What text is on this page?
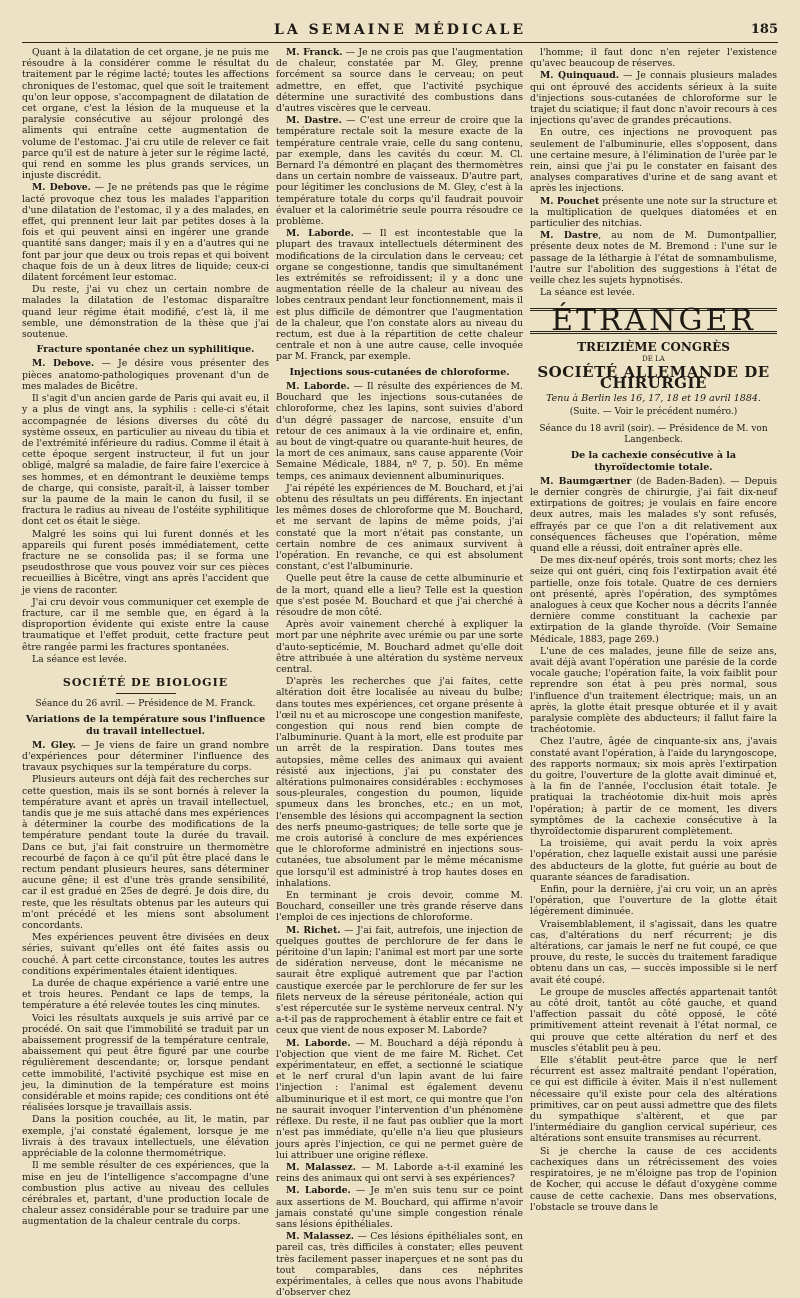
LA SEMAINE MÉDICALE	185

Quant à la dilatation de cet organe, je ne puis me résoudre à la considérer comme le résultat du traitement par le régime lacté; toutes les affections chroniques de l'estomac, quel que soit le traitement qu'on leur oppose, s'accompagnent de dilatation de cet organe, c'est la lésion de la muqueuse et la paralysie consécutive au séjour prolongé des aliments qui entraîne cette augmentation de volume de l'estomac. J'ai cru utile de relever ce fait parce qu'il est de nature à jeter sur le régime lacté, qui rend en somme les plus grands services, un injuste discrédit.

M. Debove. — Je ne prétends pas que le régime lacté provoque chez tous les malades l'apparition d'une dilatation de l'estomac, il y a des malades, en effet, qui prennent leur lait par petites doses à la fois et qui peuvent ainsi en ingérer une grande quantité sans danger; mais il y en a d'autres qui ne font par jour que deux ou trois repas et qui boivent chaque fois de un à deux litres de liquide; ceux-ci dilatent forcément leur estomac.

Du reste, j'ai vu chez un certain nombre de malades la dilatation de l'estomac disparaître quand leur régime était modifié, c'est là, il me semble, une démonstration de la thèse que j'ai soutenue.

Fracture spontanée chez un syphilitique.

M. Debove. — Je désire vous présenter des pièces anatomo-pathologiques provenant d'un de mes malades de Bicêtre.

Il s'agit d'un ancien garde de Paris qui avait eu, il y a plus de vingt ans, la syphilis : celle-ci s'était accompagnée de lésions diverses du côté du système osseux, en particulier au niveau du tibia et de l'extrémité inférieure du radius. Comme il était à cette époque sergent instructeur, il fut un jour obligé, malgré sa maladie, de faire faire l'exercice à ses hommes, et en démontrant le deuxième temps de charge, qui consiste, paraît-il, à laisser tomber sur la paume de la main le canon du fusil, il se fractura le radius au niveau de l'ostéite syphilitique dont cet os était le siège.

Malgré les soins qui lui furent donnés et les appareils qui furent posés immédiatement, cette fracture ne se consolida pas; il se forma une pseudosthrose que vous pouvez voir sur ces pièces recueillies à Bicêtre, vingt ans après l'accident que je viens de raconter.

J'ai cru devoir vous communiquer cet exemple de fracture, car il me semble que, en égard à la disproportion évidente qui existe entre la cause traumatique et l'effet produit, cette fracture peut être rangée parmi les fractures spontanées.

La séance est levée.

SOCIÉTÉ DE BIOLOGIE
Séance du 26 avril. — Présidence de M. Franck.
Variations de la température sous l'influence du travail intellectuel.

M. Gley. — Je viens de faire un grand nombre d'expériences pour déterminer l'influence des travaux psychiques sur la température du corps.

Plusieurs auteurs ont déjà fait des recherches sur cette question, mais ils se sont bornés à relever la température avant et après un travail intellectuel, tandis que je me suis attaché dans mes expériences à déterminer la courbe des modifications de la température pendant toute la durée du travail. Dans ce but, j'ai fait construire un thermomètre recourbé de façon à ce qu'il pût être placé dans le rectum pendant plusieurs heures, sans déterminer aucune gêne; il est d'une très grande sensibilité, car il est gradué en 25es de degré. Je dois dire, du reste, que les résultats obtenus par les auteurs qui m'ont précédé et les miens sont absolument concordants.

Mes expériences peuvent être divisées en deux séries, suivant qu'elles ont été faites assis ou couché. À part cette circonstance, toutes les autres conditions expérimentales étaient identiques.

La durée de chaque expérience a varié entre une et trois heures. Pendant ce laps de temps, la température a été relevée toutes les cinq minutes.

Voici les résultats auxquels je suis arrivé par ce procédé. On sait que l'immobilité se traduit par un abaissement progressif de la température centrale, abaissement qui peut être figuré par une courbe régulièrement descendante; or, lorsque pendant cette immobilité, l'activité psychique est mise en jeu, la diminution de la température est moins considérable et moins rapide; ces conditions ont été réalisées lorsque je travaillais assis.

Dans la position couchée, au lit, le matin, par exemple, j'ai constaté également, lorsque je me livrais à des travaux intellectuels, une élévation appréciable de la colonne thermométrique.

Il me semble résulter de ces expériences, que la mise en jeu de l'intelligence s'accompagne d'une combustion plus active au niveau des cellules cérébrales et, partant, d'une production locale de chaleur assez considérable pour se traduire par une augmentation de la chaleur centrale du corps.

M. Franck. — Je ne crois pas que l'augmentation de chaleur, constatée par M. Gley, prenne forcément sa source dans le cerveau; on peut admettre, en effet, que l'activité psychique détermine une suractivité des combustions dans d'autres viscères que le cerveau.

M. Dastre. — C'est une erreur de croire que la température rectale soit la mesure exacte de la température centrale vraie, celle du sang contenu, par exemple, dans les cavités du cœur. M. Cl. Bernard l'a démontré en plaçant des thermomètres dans un certain nombre de vaisseaux. D'autre part, pour légitimer les conclusions de M. Gley, c'est à la température totale du corps qu'il faudrait pouvoir évaluer et la calorimétrie seule pourra résoudre ce problème.

M. Laborde. — Il est incontestable que la plupart des travaux intellectuels déterminent des modifications de la circulation dans le cerveau; cet organe se congestionne, tandis que simultanément les extrémités se refroidissent; il y a donc une augmentation réelle de la chaleur au niveau des lobes centraux pendant leur fonctionnement, mais il est plus difficile de démontrer que l'augmentation de la chaleur, que l'on constate alors au niveau du rectum, est due à la répartition de cette chaleur centrale et non à une autre cause, celle invoquée par M. Franck, par exemple.

Injections sous-cutanées de chloroforme.

M. Laborde. — Il résulte des expériences de M. Bouchard que les injections sous-cutanées de chloroforme, chez les lapins, sont suivies d'abord d'un dégré passager de narcose, ensuite d'un retour de ces animaux à la vie ordinaire et, enfin, au bout de vingt-quatre ou quarante-huit heures, de la mort de ces animaux, sans cause apparente (Voir Semaine Médicale, 1884, nº 7, p. 50). En même temps, ces animaux deviennent albuminuriques.

J'ai répété les expériences de M. Bouchard, et j'ai obtenu des résultats un peu différents. En injectant les mêmes doses de chloroforme que M. Bouchard, et me servant de lapins de même poids, j'ai constaté que la mort n'était pas constante, un certain nombre de ces animaux survivent à l'opération. En revanche, ce qui est absolument constant, c'est l'albuminurie.

Quelle peut être la cause de cette albuminurie et de la mort, quand elle a lieu? Telle est la question que s'est posée M. Bouchard et que j'ai cherché à résoudre de mon côté.

Après avoir vainement cherché à expliquer la mort par une néphrite avec urémie ou par une sorte d'auto-septicémie, M. Bouchard admet qu'elle doit être attribuée à une altération du système nerveux central.

D'après les recherches que j'ai faites, cette altération doit être localisée au niveau du bulbe; dans toutes mes expériences, cet organe présente à l'œil nu et au microscope une congestion manifeste, congestion qui nous rend bien compte de l'albuminurie. Quant à la mort, elle est produite par un arrêt de la respiration. Dans toutes mes autopsies, même celles des animaux qui avaient résisté aux injections, j'ai pu constater des altérations pulmonaires considérables : ecchymoses sous-pleurales, congestion du poumon, liquide spumeux dans les bronches, etc.; en un mot, l'ensemble des lésions qui accompagnent la section des nerfs pneumo-gastriques; de telle sorte que je me crois autorisé à conclure de mes expériences que le chloroforme administré en injections sous-cutanées, tue absolument par le même mécanisme que lorsqu'il est administré à trop hautes doses en inhalations.

En terminant je crois devoir, comme M. Bouchard, conseiller une très grande réserve dans l'emploi de ces injections de chloroforme.

M. Richet. — J'ai fait, autrefois, une injection de quelques gouttes de perchlorure de fer dans le péritoine d'un lapin; l'animal est mort par une sorte de sidération nerveuse, dont le mécanisme ne saurait être expliqué autrement que par l'action caustique exercée par le perchlorure de fer sur les filets nerveux de la séreuse péritonéale, action qui s'est répercutée sur le système nerveux central. N'y a-t-il pas de rapprochement à établir entre ce fait et ceux que vient de nous exposer M. Laborde?

M. Laborde. — M. Bouchard a déjà répondu à l'objection que vient de me faire M. Richet. Cet expérimentateur, en effet, a sectionné le sciatique et le nerf crural d'un lapin avant de lui faire l'injection : l'animal est également devenu albuminurique et il est mort, ce qui montre que l'on ne saurait invoquer l'intervention d'un phénomène réflexe. Du reste, il ne faut pas oublier que la mort n'est pas immédiate, qu'elle n'a lieu que plusieurs jours après l'injection, ce qui ne permet guère de lui attribuer une origine réflexe.

M. Malassez. — M. Laborde a-t-il examiné les reins des animaux qui ont servi à ses expériences?

M. Laborde. — Je m'en suis tenu sur ce point aux assertions de M. Bouchard, qui affirme n'avoir jamais constaté qu'une simple congestion rénale sans lésions épithéliales.

M. Malassez. — Ces lésions épithéliales sont, en pareil cas, très difficiles à constater; elles peuvent très facilement passer inaperçues et ne sont pas du tout comparables, dans ces néphrites expérimentales, à celles que nous avons l'habitude d'observer chez

l'homme; il faut donc n'en rejeter l'existence qu'avec beaucoup de réserves.

M. Quinquaud. — Je connais plusieurs malades qui ont éprouvé des accidents sérieux à la suite d'injections sous-cutanées de chloroforme sur le trajet du sciatique; il faut donc n'avoir recours à ces injections qu'avec de grandes précautions.

En outre, ces injections ne provoquent pas seulement de l'albuminurie, elles s'opposent, dans une certaine mesure, à l'élimination de l'urée par le rein, ainsi que j'ai pu le constater en faisant des analyses comparatives d'urine et de sang avant et après les injections.

M. Pouchet présente une note sur la structure et la multiplication de quelques diatomées et en particulier des nitchias.

M. Dastre, au nom de M. Dumontpallier, présente deux notes de M. Bremond : l'une sur le passage de la léthargie à l'état de somnambulisme, l'autre sur l'abolition des suggestions à l'état de veille chez les sujets hypnotisés.

La séance est levée.

ÉTRANGER
TREIZIÈME CONGRÈS
DE LA
SOCIÉTÉ ALLEMANDE DE CHIRURGIE
Tenu à Berlin les 16, 17, 18 et 19 avril 1884.
(Suite. — Voir le précédent numéro.)
Séance du 18 avril (soir). — Présidence de M. von Langenbeck.
De la cachexie consécutive à la thyroïdectomie totale.

M. Baumgærtner (de Baden-Baden). — Depuis le dernier congrès de chirurgie, j'ai fait dix-neuf extirpations de goitres; je voulais en faire encore deux autres, mais les malades s'y sont refusés, effrayés par ce que l'on a dit relativement aux conséquences fâcheuses que l'opération, même quand elle a réussi, doit entraîner après elle.

De mes dix-neuf opérés, trois sont morts; chez les seize qui ont guéri, cinq fois l'extirpation avait été partielle, onze fois totale. Quatre de ces derniers ont présenté, après l'opération, des symptômes analogues à ceux que Kocher nous a décrits l'année dernière comme constituant la cachexie par extirpation de la glande thyroïde. (Voir Semaine Médicale, 1883, page 269.)

L'une de ces malades, jeune fille de seize ans, avait déjà avant l'opération une parésie de la corde vocale gauche; l'opération faite, la voix faiblit pour reprendre son état à peu près normal, sous l'influence d'un traitement électrique; mais, un an après, la glotte était presque obturée et il y avait paralysie complète des abducteurs; il fallut faire la trachéotomie.

Chez l'autre, âgée de cinquante-six ans, j'avais constaté avant l'opération, à l'aide du laryngoscope, des rapports normaux; six mois après l'extirpation du goitre, l'ouverture de la glotte avait diminué et, à la fin de l'année, l'occlusion était totale. Je pratiquai la trachéotomie dix-huit mois après l'opération; à partir de ce moment, les divers symptômes de la cachexie consécutive à la thyroïdectomie disparurent complètement.

La troisième, qui avait perdu la voix après l'opération, chez laquelle existait aussi une parésie des abducteurs de la glotte, fut guérie au bout de quarante séances de faradisation.

Enfin, pour la dernière, j'ai cru voir, un an après l'opération, que l'ouverture de la glotte était légèrement diminuée.

Vraisemblablement, il s'agissait, dans les quatre cas, d'altérations du nerf récurrent; je dis altérations, car jamais le nerf ne fut coupé, ce que prouve, du reste, le succès du traitement faradique obtenu dans un cas, — succès impossible si le nerf avait été coupé.

Le groupe de muscles affectés appartenait tantôt au côté droit, tantôt au côté gauche, et quand l'affection passait du côté opposé, le côté primitivement atteint revenait à l'état normal, ce qui prouve que cette altération du nerf et des muscles s'établit peu à peu.

Elle s'établit peut-être parce que le nerf récurrent est assez maltraité pendant l'opération, ce qui est difficile à éviter. Mais il n'est nullement nécessaire qu'il existe pour cela des altérations primitives, car on peut aussi admettre que des filets du sympathique s'altèrent, et que par l'intermédiaire du ganglion cervical supérieur, ces altérations sont ensuite transmises au récurrent.

Si je cherche la cause de ces accidents cachexiques dans un rétrécissement des voies respiratoires, je ne m'éloigne pas trop de l'opinion de Kocher, qui accuse le défaut d'oxygène comme cause de cette cachexie. Dans mes observations, l'obstacle se trouve dans le
